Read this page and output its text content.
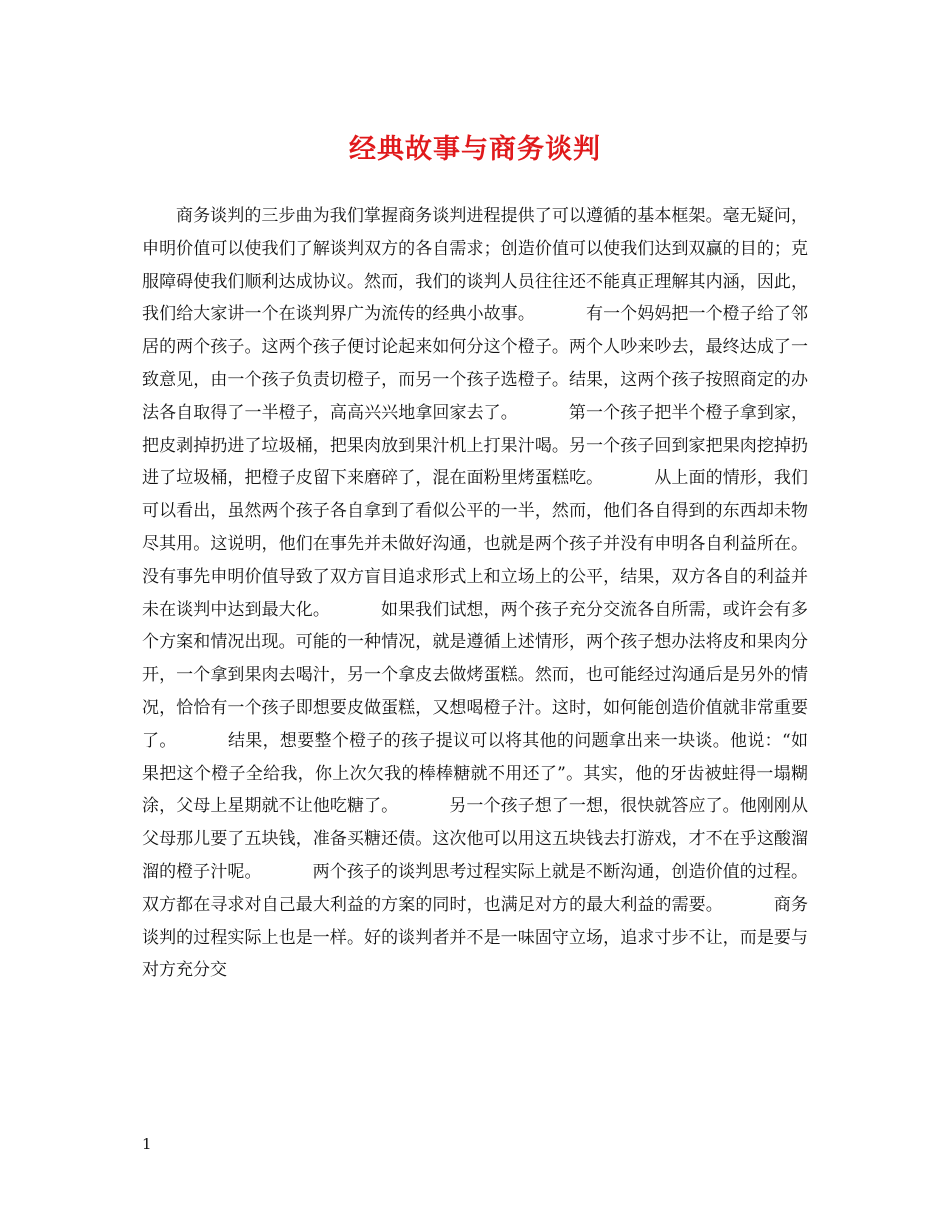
经典故事与商务谈判

商务谈判的三步曲为我们掌握商务谈判进程提供了可以遵循的基本框架。毫无疑问，申明价值可以使我们了解谈判双方的各自需求；创造价值可以使我们达到双赢的目的；克服障碍使我们顺利达成协议。然而，我们的谈判人员往往还不能真正理解其内涵，因此，我们给大家讲一个在谈判界广为流传的经典小故事。	有一个妈妈把一个橙子给了邻居的两个孩子。这两个孩子便讨论起来如何分这个橙子。两个人吵来吵去，最终达成了一致意见，由一个孩子负责切橙子，而另一个孩子选橙子。结果，这两个孩子按照商定的办法各自取得了一半橙子，高高兴兴地拿回家去了。	第一个孩子把半个橙子拿到家，把皮剥掉扔进了垃圾桶，把果肉放到果汁机上打果汁喝。另一个孩子回到家把果肉挖掉扔进了垃圾桶，把橙子皮留下来磨碎了，混在面粉里烤蛋糕吃。	从上面的情形，我们可以看出，虽然两个孩子各自拿到了看似公平的一半，然而，他们各自得到的东西却未物尽其用。这说明，他们在事先并未做好沟通，也就是两个孩子并没有申明各自利益所在。没有事先申明价值导致了双方盲目追求形式上和立场上的公平，结果，双方各自的利益并未在谈判中达到最大化。	如果我们试想，两个孩子充分交流各自所需，或许会有多个方案和情况出现。可能的一种情况，就是遵循上述情形，两个孩子想办法将皮和果肉分开，一个拿到果肉去喝汁，另一个拿皮去做烤蛋糕。然而，也可能经过沟通后是另外的情况，恰恰有一个孩子即想要皮做蛋糕，又想喝橙子汁。这时，如何能创造价值就非常重要了。	结果，想要整个橙子的孩子提议可以将其他的问题拿出来一块谈。他说：“如果把这个橙子全给我，你上次欠我的棒棒糖就不用还了”。其实，他的牙齿被蛀得一塌糊涂，父母上星期就不让他吃糖了。	另一个孩子想了一想，很快就答应了。他刚刚从父母那儿要了五块钱，准备买糖还债。这次他可以用这五块钱去打游戏，才不在乎这酸溜溜的橙子汁呢。	两个孩子的谈判思考过程实际上就是不断沟通，创造价值的过程。双方都在寻求对自己最大利益的方案的同时，也满足对方的最大利益的需要。	商务谈判的过程实际上也是一样。好的谈判者并不是一味固守立场，追求寸步不让，而是要与对方充分交

1
